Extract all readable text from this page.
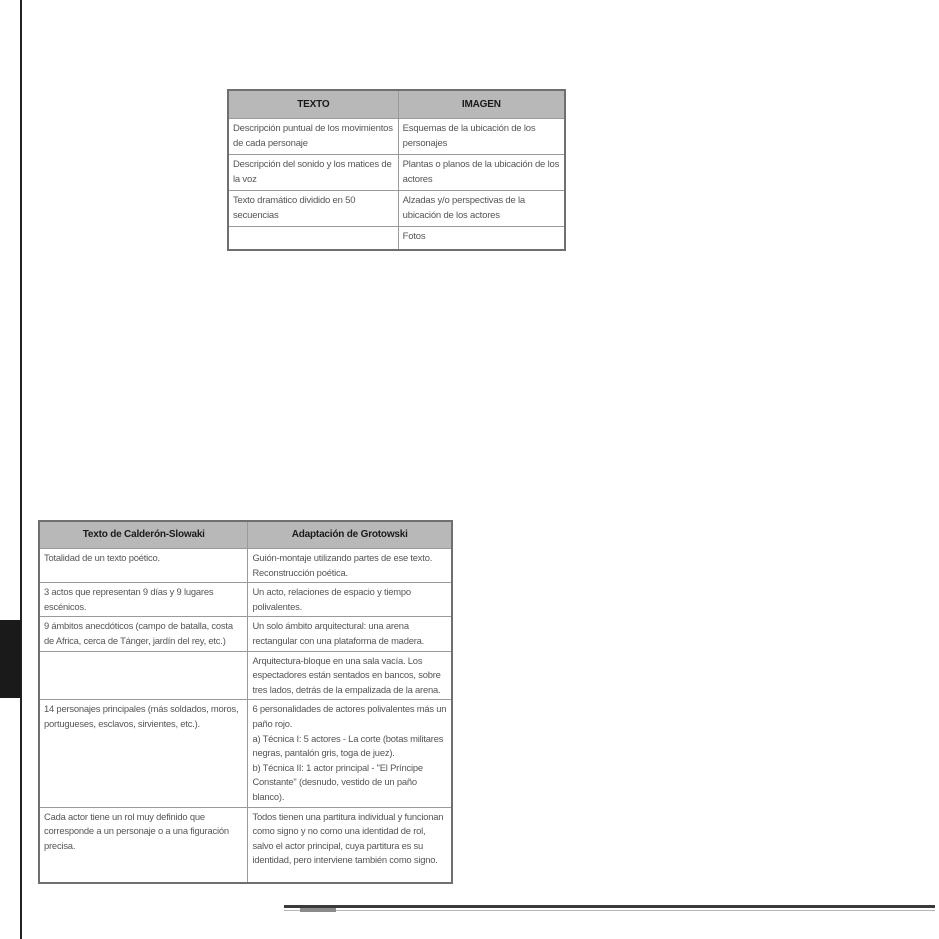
TEXTO	IMAGEN
Descripción puntual de los movimientos de cada personaje	Esquemas de la ubicación de los personajes
Descripción del sonido y los matices de la voz	Plantas o planos de la ubicación de los actores
Texto dramático dividido en 50 secuencias	Alzadas y/o perspectivas de la ubicación de los actores
	Fotos
Texto de Calderón-Slowaki	Adaptación de Grotowski
Totalidad de un texto poético.	Guión-montaje utilizando partes de ese texto. Reconstrucción poética.
3 actos que representan 9 días y 9 lugares escénicos.	Un acto, relaciones de espacio y tiempo polivalentes.
9 ámbitos anecdóticos (campo de batalla, costa de Africa, cerca de Tánger, jardín del rey, etc.)	Un solo ámbito arquitectural: una arena rectangular con una plataforma de madera.
	Arquitectura-bloque en una sala vacía. Los espectadores están sentados en bancos, sobre tres lados, detrás de la empalizada de la arena.
14 personajes principales (más soldados, moros, portugueses, esclavos, sirvientes, etc.).	6 personalidades de actores polivalentes más un paño rojo.
a) Técnica I: 5 actores - La corte (botas militares negras, pantalón gris, toga de juez).
b) Técnica II: 1 actor principal - "El Príncipe Constante" (desnudo, vestido de un paño blanco).
Cada actor tiene un rol muy definido que corresponde a un personaje o a una figuración precisa.	Todos tienen una partitura individual y funcionan como signo y no como una identidad de rol, salvo el actor principal, cuya partitura es su identidad, pero interviene también como signo.
